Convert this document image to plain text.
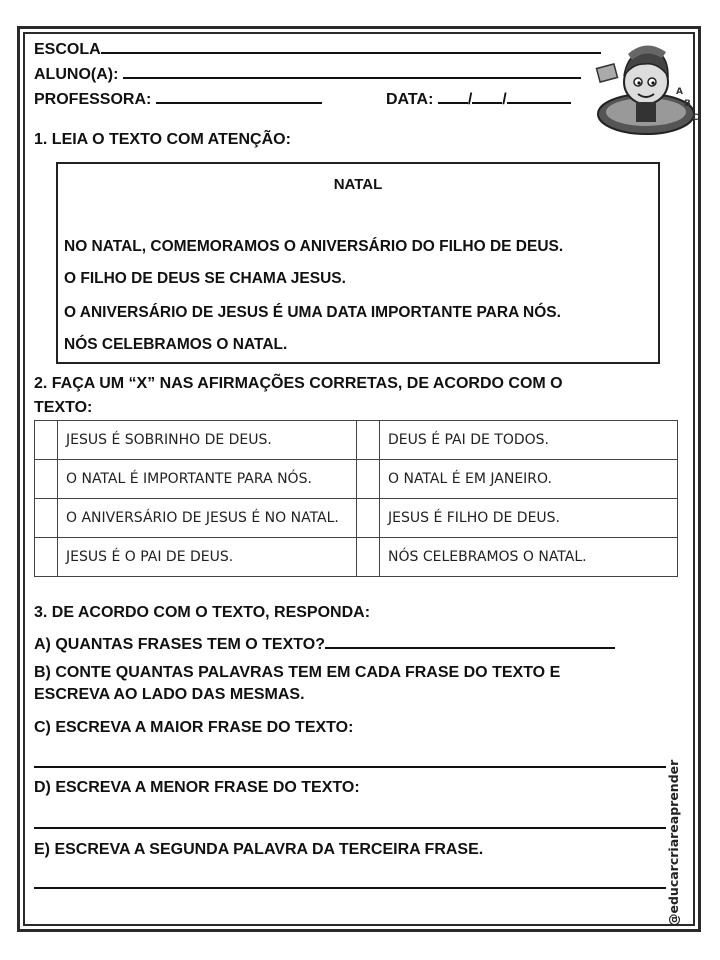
ESCOLA
ALUNO(A):
PROFESSORA:	DATA: / /	A
B
C
1. LEIA O TEXTO COM ATENÇÃO:
NATAL
NO NATAL, COMEMORAMOS O ANIVERSÁRIO DO FILHO DE DEUS.
O FILHO DE DEUS SE CHAMA JESUS.
O ANIVERSÁRIO DE JESUS É UMA DATA IMPORTANTE PARA NÓS.
NÓS CELEBRAMOS O NATAL.
2. FAÇA UM “X” NAS AFIRMAÇÕES CORRETAS, DE ACORDO COM O
TEXTO:
	JESUS É SOBRINHO DE DEUS.		DEUS É PAI DE TODOS.
	O NATAL É IMPORTANTE PARA NÓS.		O NATAL É EM JANEIRO.
	O ANIVERSÁRIO DE JESUS É NO NATAL.		JESUS É FILHO DE DEUS.
	JESUS É O PAI DE DEUS.		NÓS CELEBRAMOS O NATAL.
3. DE ACORDO COM O TEXTO, RESPONDA:
A) QUANTAS FRASES TEM O TEXTO?
B) CONTE QUANTAS PALAVRAS TEM EM CADA FRASE DO TEXTO E
ESCREVA AO LADO DAS MESMAS.
C) ESCREVA A MAIOR FRASE DO TEXTO:
D) ESCREVA A MENOR FRASE DO TEXTO:
E) ESCREVA A SEGUNDA PALAVRA DA TERCEIRA FRASE.	@educarcriareaprender
